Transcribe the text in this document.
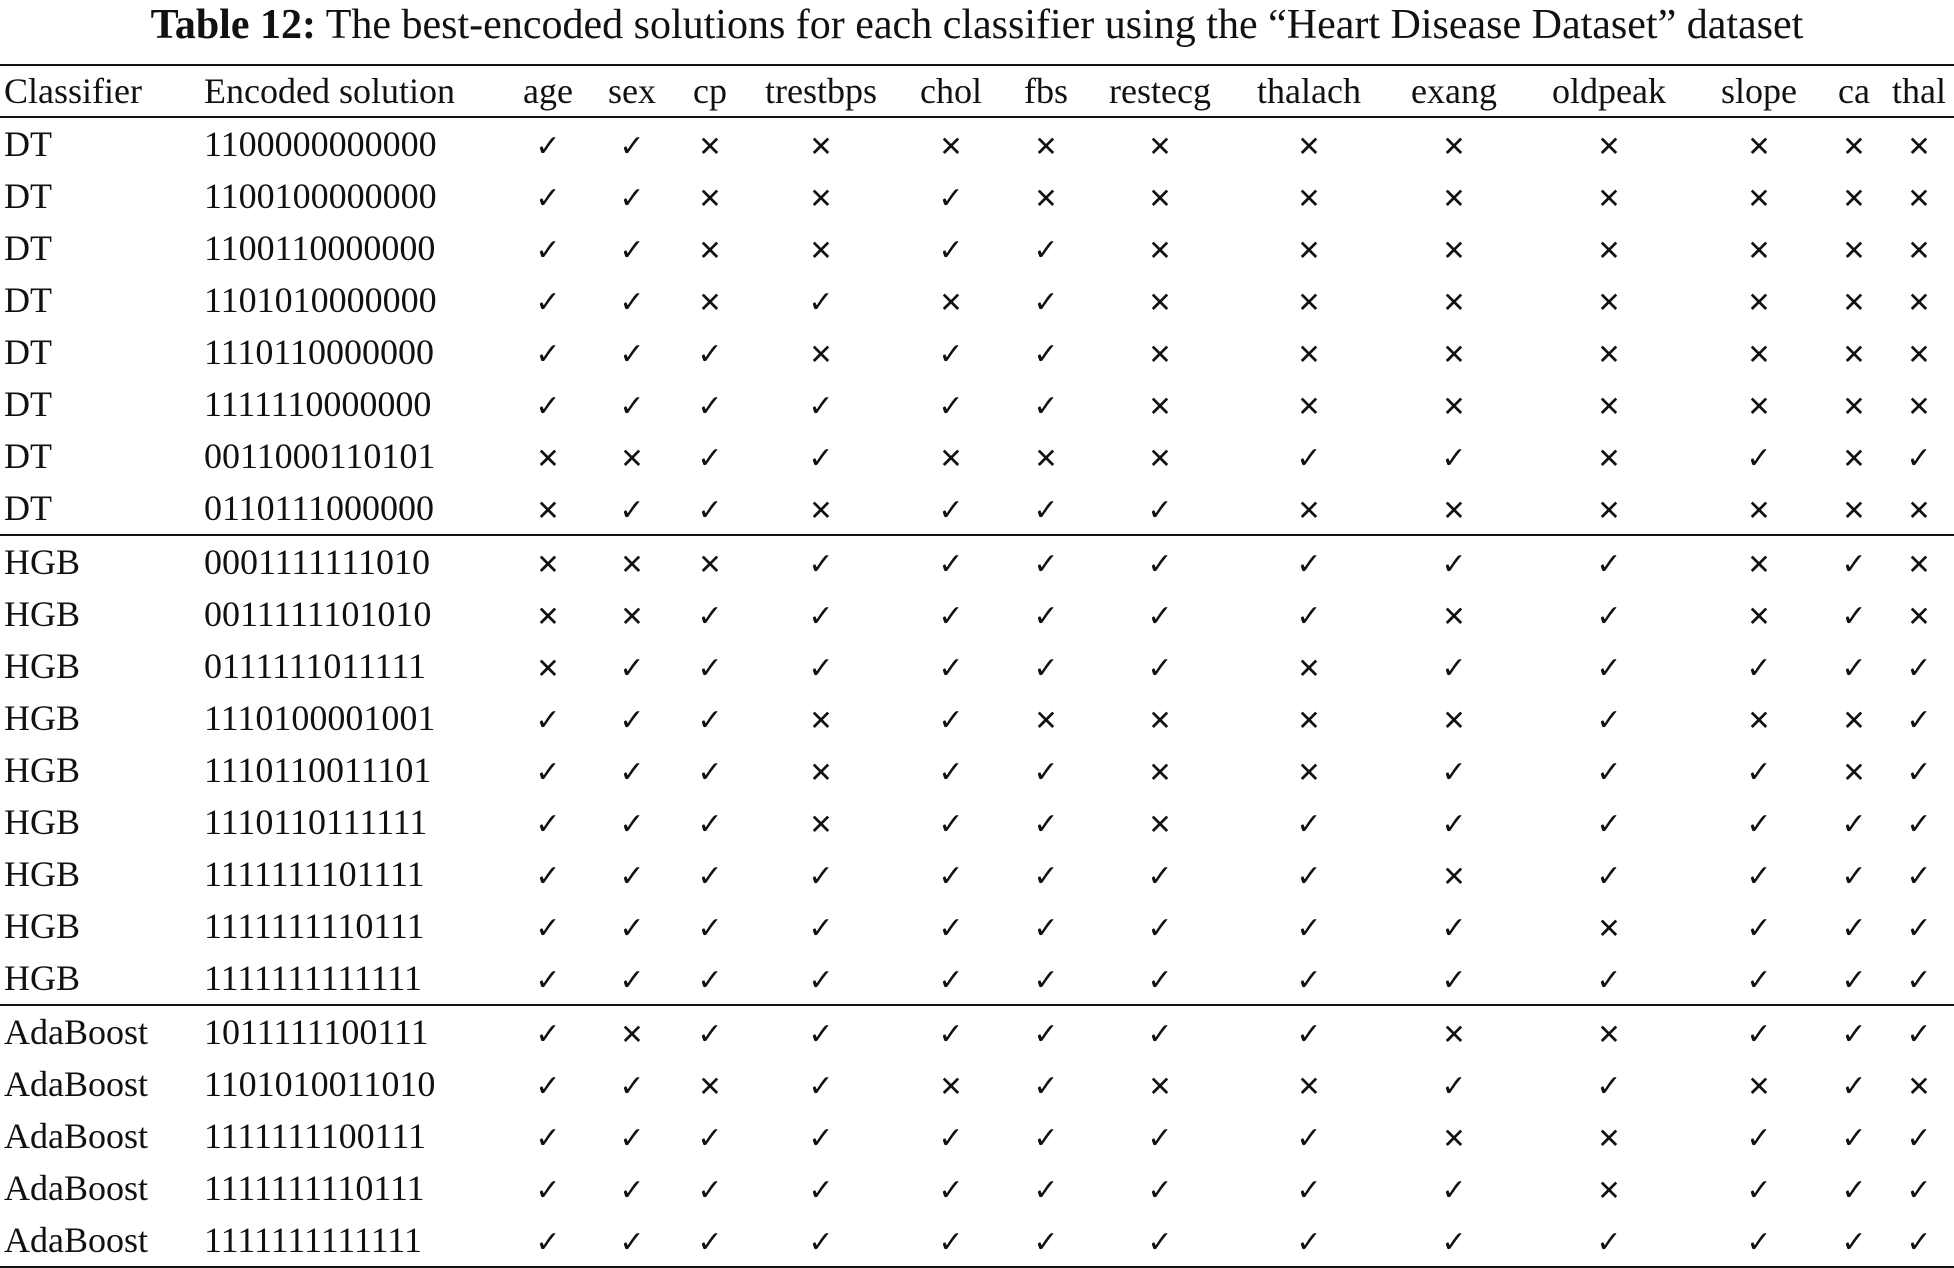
Table 12: The best-encoded solutions for each classifier using the “Heart Disease Dataset” dataset
Classifier	Encoded solution	age	sex	cp	trestbps	chol	fbs	restecg	thalach	exang	oldpeak	slope	ca	thal
DT	1100000000000	✓	✓	✕	✕	✕	✕	✕	✕	✕	✕	✕	✕	✕
DT	1100100000000	✓	✓	✕	✕	✓	✕	✕	✕	✕	✕	✕	✕	✕
DT	1100110000000	✓	✓	✕	✕	✓	✓	✕	✕	✕	✕	✕	✕	✕
DT	1101010000000	✓	✓	✕	✓	✕	✓	✕	✕	✕	✕	✕	✕	✕
DT	1110110000000	✓	✓	✓	✕	✓	✓	✕	✕	✕	✕	✕	✕	✕
DT	1111110000000	✓	✓	✓	✓	✓	✓	✕	✕	✕	✕	✕	✕	✕
DT	0011000110101	✕	✕	✓	✓	✕	✕	✕	✓	✓	✕	✓	✕	✓
DT	0110111000000	✕	✓	✓	✕	✓	✓	✓	✕	✕	✕	✕	✕	✕
HGB	0001111111010	✕	✕	✕	✓	✓	✓	✓	✓	✓	✓	✕	✓	✕
HGB	0011111101010	✕	✕	✓	✓	✓	✓	✓	✓	✕	✓	✕	✓	✕
HGB	0111111011111	✕	✓	✓	✓	✓	✓	✓	✕	✓	✓	✓	✓	✓
HGB	1110100001001	✓	✓	✓	✕	✓	✕	✕	✕	✕	✓	✕	✕	✓
HGB	1110110011101	✓	✓	✓	✕	✓	✓	✕	✕	✓	✓	✓	✕	✓
HGB	1110110111111	✓	✓	✓	✕	✓	✓	✕	✓	✓	✓	✓	✓	✓
HGB	1111111101111	✓	✓	✓	✓	✓	✓	✓	✓	✕	✓	✓	✓	✓
HGB	1111111110111	✓	✓	✓	✓	✓	✓	✓	✓	✓	✕	✓	✓	✓
HGB	1111111111111	✓	✓	✓	✓	✓	✓	✓	✓	✓	✓	✓	✓	✓
AdaBoost	1011111100111	✓	✕	✓	✓	✓	✓	✓	✓	✕	✕	✓	✓	✓
AdaBoost	1101010011010	✓	✓	✕	✓	✕	✓	✕	✕	✓	✓	✕	✓	✕
AdaBoost	1111111100111	✓	✓	✓	✓	✓	✓	✓	✓	✕	✕	✓	✓	✓
AdaBoost	1111111110111	✓	✓	✓	✓	✓	✓	✓	✓	✓	✕	✓	✓	✓
AdaBoost	1111111111111	✓	✓	✓	✓	✓	✓	✓	✓	✓	✓	✓	✓	✓
